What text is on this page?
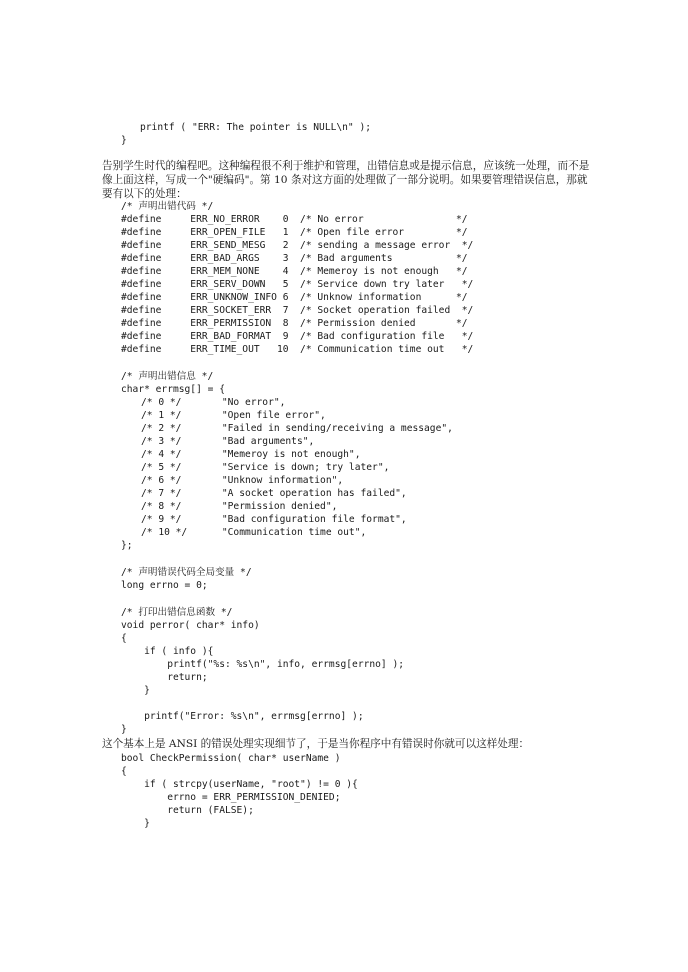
printf ( "ERR: The pointer is NULL\n" );
}
告别学生时代的编程吧。这种编程很不利于维护和管理，出错信息或是提示信息，应该统一处理，而不是像上面这样，写成一个"硬编码"。第 10 条对这方面的处理做了一部分说明。如果要管理错误信息，那就要有以下的处理：
/* 声明出错代码 */
#define     ERR_NO_ERROR    0  /* No error                */
#define     ERR_OPEN_FILE   1  /* Open file error         */
#define     ERR_SEND_MESG   2  /* sending a message error  */
#define     ERR_BAD_ARGS    3  /* Bad arguments           */
#define     ERR_MEM_NONE    4  /* Memeroy is not enough   */
#define     ERR_SERV_DOWN   5  /* Service down try later   */
#define     ERR_UNKNOW_INFO 6  /* Unknow information      */
#define     ERR_SOCKET_ERR  7  /* Socket operation failed  */
#define     ERR_PERMISSION  8  /* Permission denied       */
#define     ERR_BAD_FORMAT  9  /* Bad configuration file   */
#define     ERR_TIME_OUT   10  /* Communication time out   */
/* 声明出错信息 */
char* errmsg[] = {
/* 0 */       "No error",
/* 1 */       "Open file error",
/* 2 */       "Failed in sending/receiving a message",
/* 3 */       "Bad arguments",
/* 4 */       "Memeroy is not enough",
/* 5 */       "Service is down; try later",
/* 6 */       "Unknow information",
/* 7 */       "A socket operation has failed",
/* 8 */       "Permission denied",
/* 9 */       "Bad configuration file format",
/* 10 */      "Communication time out",
};
/* 声明错误代码全局变量 */
long errno = 0;
/* 打印出错信息函数 */
void perror( char* info)
{
if ( info ){
printf("%s: %s\n", info, errmsg[errno] );
return;
}
printf("Error: %s\n", errmsg[errno] );
}
这个基本上是 ANSI 的错误处理实现细节了，于是当你程序中有错误时你就可以这样处理：
bool CheckPermission( char* userName )
{
if ( strcpy(userName, "root") != 0 ){
errno = ERR_PERMISSION_DENIED;
return (FALSE);
}
